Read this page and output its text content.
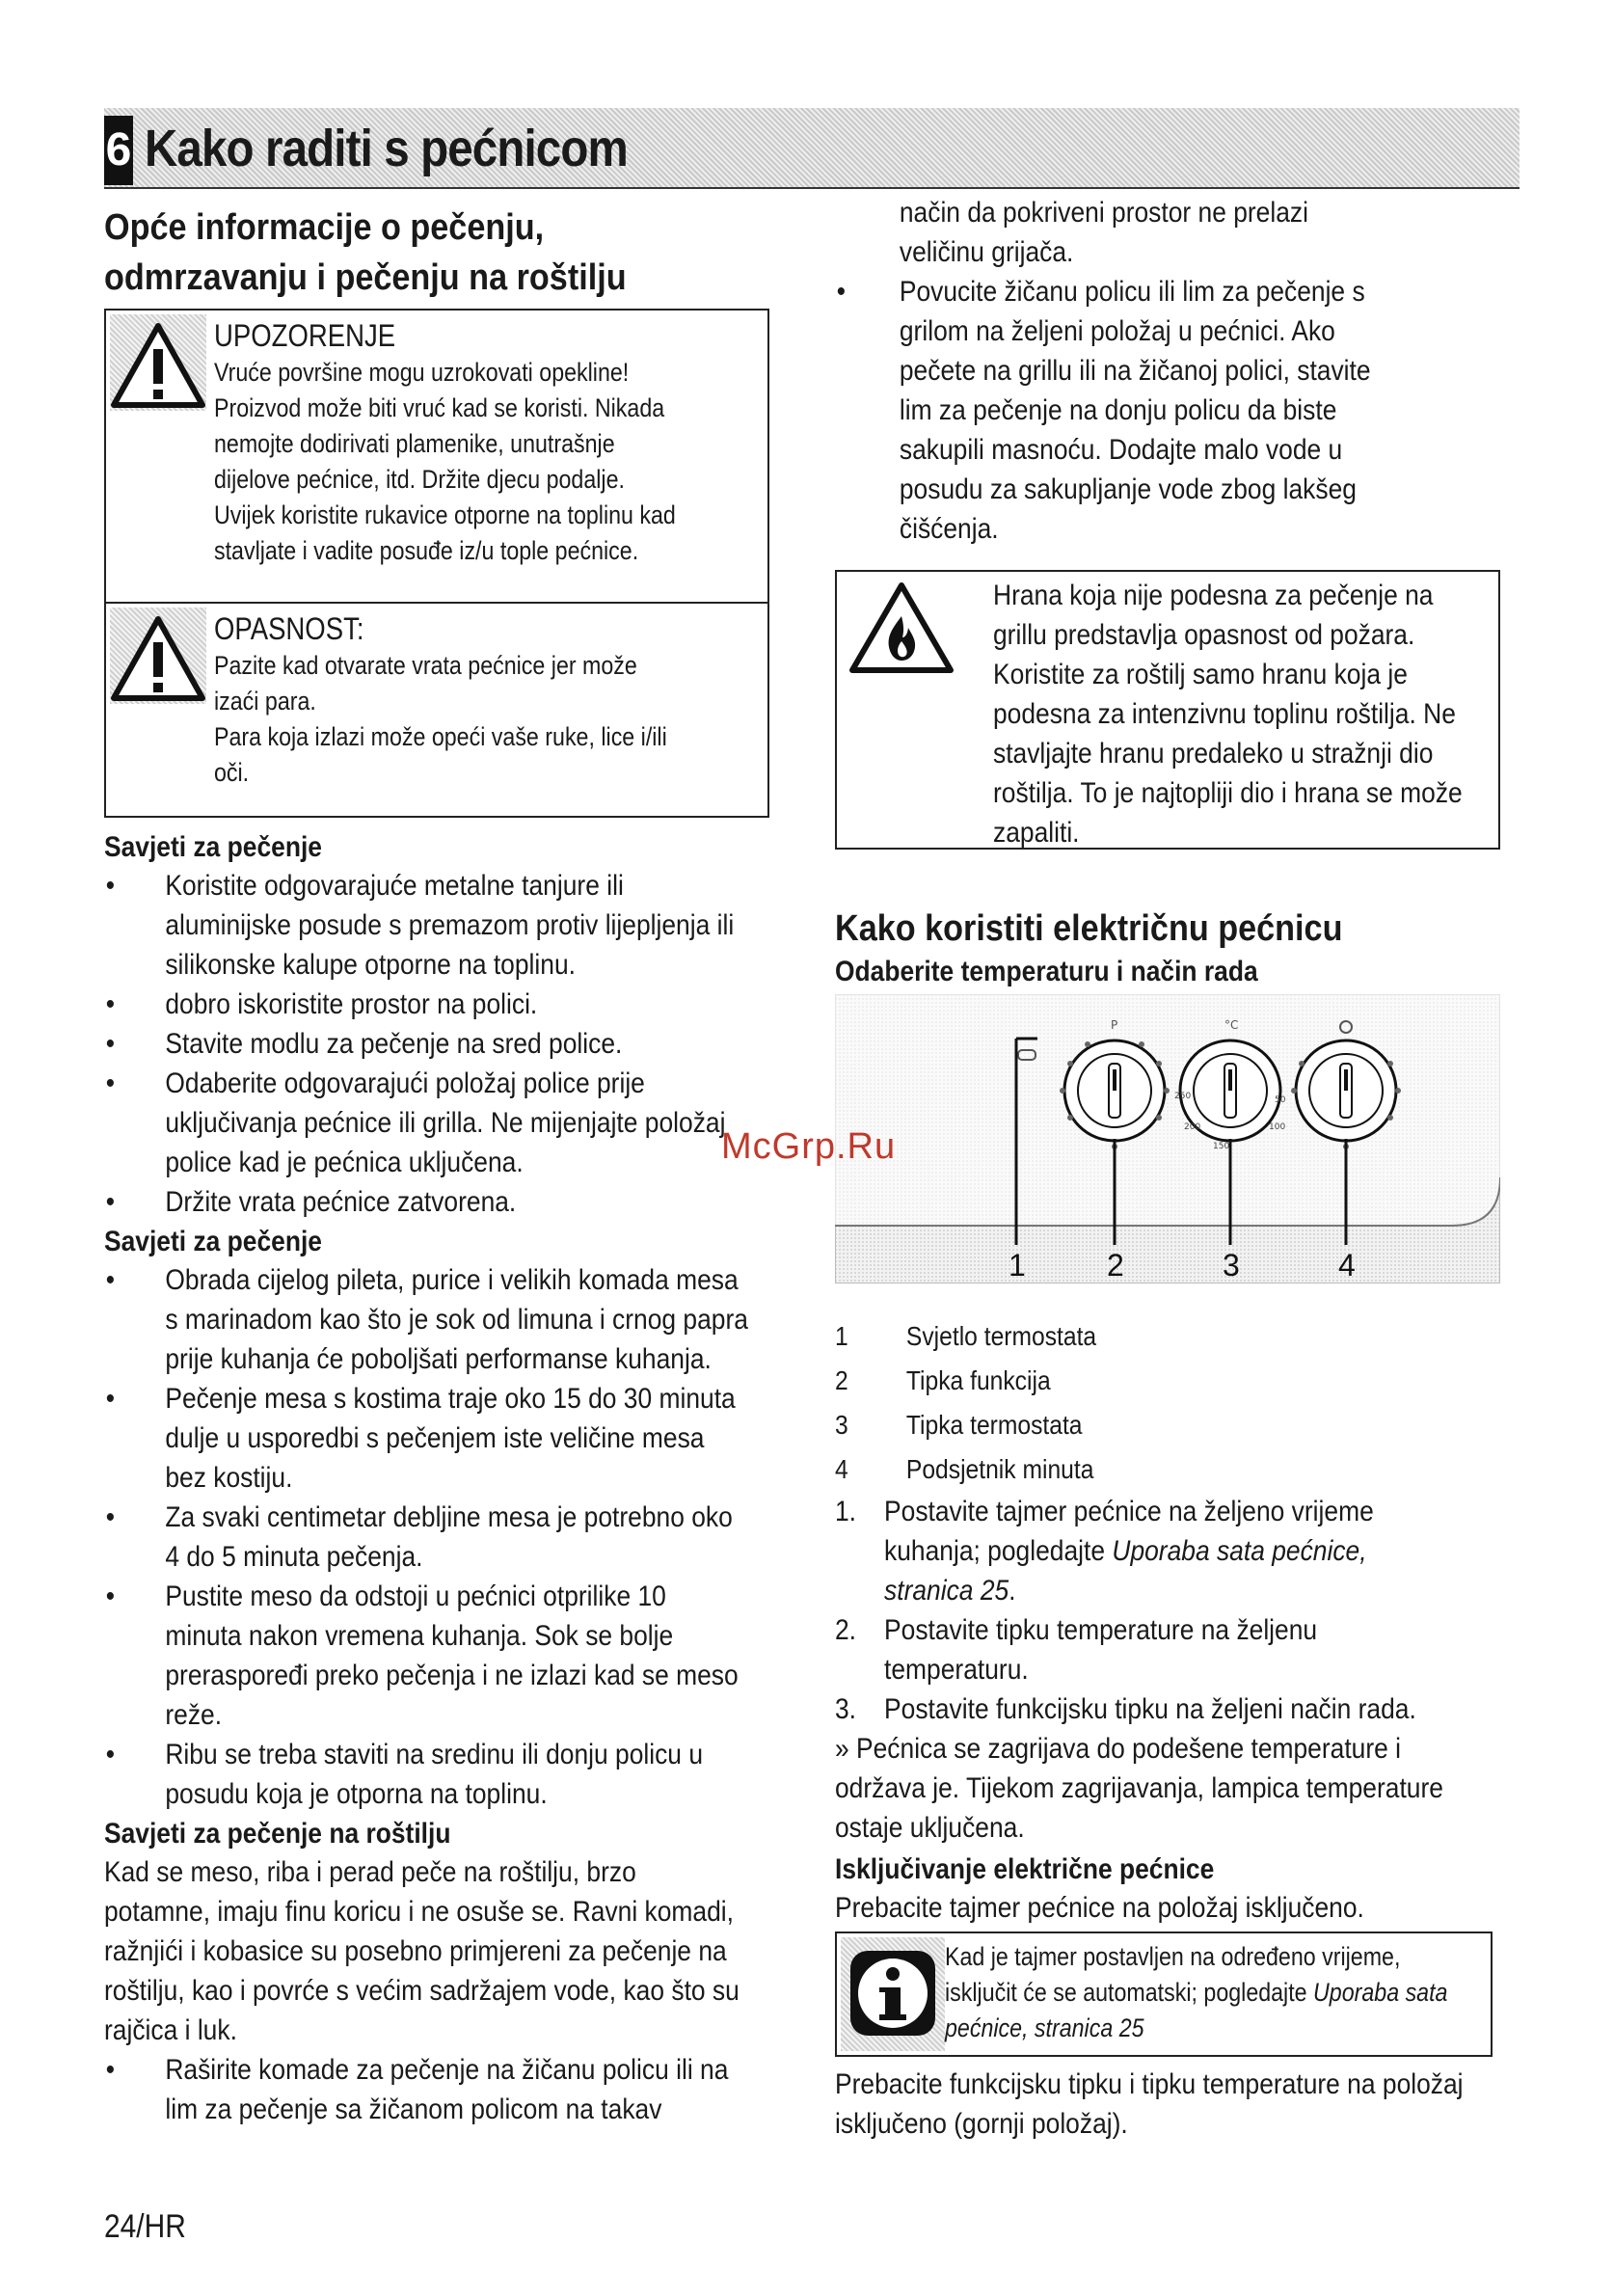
6 Kako raditi s pećnicom
Opće informacije o pečenju,
odmrzavanju i pečenju na roštilju
UPOZORENJE
Vruće površine mogu uzrokovati opekline!
Proizvod može biti vruć kad se koristi. Nikada
nemojte dodirivati plamenike, unutrašnje
dijelove pećnice, itd. Držite djecu podalje.
Uvijek koristite rukavice otporne na toplinu kad
stavljate i vadite posuđe iz/u tople pećnice.
OPASNOST:
Pazite kad otvarate vrata pećnice jer može
izaći para.
Para koja izlazi može opeći vaše ruke, lice i/ili
oči.
Savjeti za pečenje
• Koristite odgovarajuće metalne tanjure ili aluminijske posude s premazom protiv lijepljenja ili silikonske kalupe otporne na toplinu.
• dobro iskoristite prostor na polici.
• Stavite modlu za pečenje na sred police.
• Odaberite odgovarajući položaj police prije uključivanja pećnice ili grilla. Ne mijenjajte položaj police kad je pećnica uključena.
• Držite vrata pećnice zatvorena.
Savjeti za pečenje
• Obrada cijelog pileta, purice i velikih komada mesa s marinadom kao što je sok od limuna i crnog papra prije kuhanja će poboljšati performanse kuhanja.
• Pečenje mesa s kostima traje oko 15 do 30 minuta dulje u usporedbi s pečenjem iste veličine mesa bez kostiju.
• Za svaki centimetar debljine mesa je potrebno oko 4 do 5 minuta pečenja.
• Pustite meso da odstoji u pećnici otprilike 10 minuta nakon vremena kuhanja. Sok se bolje preraspoređi preko pečenja i ne izlazi kad se meso reže.
• Ribu se treba staviti na sredinu ili donju policu u posudu koja je otporna na toplinu.
Savjeti za pečenje na roštilju
Kad se meso, riba i perad peče na roštilju, brzo potamne, imaju finu koricu i ne osuše se. Ravni komadi, ražnjići i kobasice su posebno primjereni za pečenje na roštilju, kao i povrće s većim sadržajem vode, kao što su rajčica i luk.
• Raširite komade za pečenje na žičanu policu ili na lim za pečenje sa žičanom policom na takav
način da pokriveni prostor ne prelazi veličinu grijača.
• Povucite žičanu policu ili lim za pečenje s grilom na željeni položaj u pećnici. Ako pečete na grillu ili na žičanoj polici, stavite lim za pečenje na donju policu da biste sakupili masnoću. Dodajte malo vode u posudu za sakupljanje vode zbog lakšeg čišćenja.
Hrana koja nije podesna za pečenje na grillu predstavlja opasnost od požara. Koristite za roštilj samo hranu koja je podesna za intenzivnu toplinu roštilja. Ne stavljajte hranu predaleko u stražnji dio roštilja. To je najtopliji dio i hrana se može zapaliti.
Kako koristiti električnu pećnicu
Odaberite temperaturu i način rada
P	°C
250
200
150
100
50
1	2	3	4
1 Svjetlo termostata
2 Tipka funkcija
3 Tipka termostata
4 Podsjetnik minuta
1. Postavite tajmer pećnice na željeno vrijeme kuhanja; pogledajte Uporaba sata pećnice, stranica 25.
2. Postavite tipku temperature na željenu temperaturu.
3. Postavite funkcijsku tipku na željeni način rada.
» Pećnica se zagrijava do podešene temperature i održava je. Tijekom zagrijavanja, lampica temperature ostaje uključena.
Isključivanje električne pećnice
Prebacite tajmer pećnice na položaj isključeno.
Kad je tajmer postavljen na određeno vrijeme, isključit će se automatski; pogledajte Uporaba sata pećnice, stranica 25
Prebacite funkcijsku tipku i tipku temperature na položaj isključeno (gornji položaj).
McGrp.Ru
24/HR
